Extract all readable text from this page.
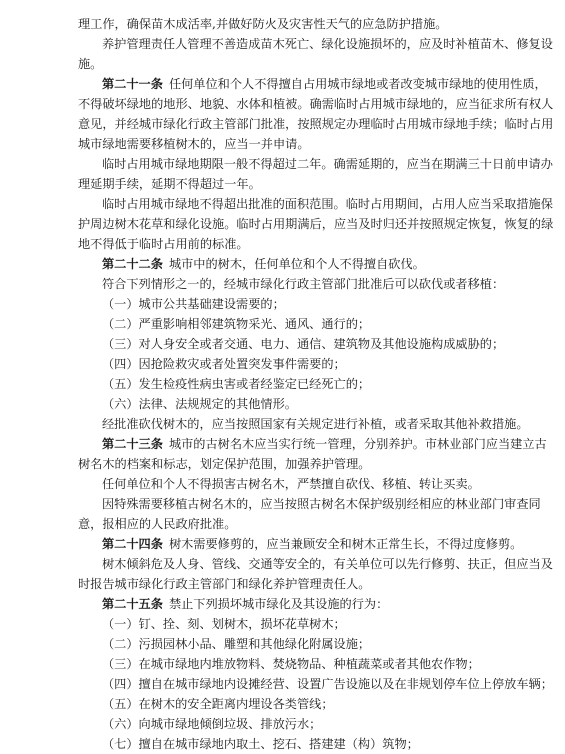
理工作，确保苗木成活率,并做好防火及灾害性天气的应急防护措施。
养护管理责任人管理不善造成苗木死亡、绿化设施损坏的，应及时补植苗木、修复设
施。
第二十一条 任何单位和个人不得擅自占用城市绿地或者改变城市绿地的使用性质，
不得破坏绿地的地形、地貌、水体和植被。确需临时占用城市绿地的，应当征求所有权人
意见，并经城市绿化行政主管部门批准，按照规定办理临时占用城市绿地手续；临时占用
城市绿地需要移植树木的，应当一并申请。
临时占用城市绿地期限一般不得超过二年。确需延期的，应当在期满三十日前申请办
理延期手续，延期不得超过一年。
临时占用城市绿地不得超出批准的面积范围。临时占用期间，占用人应当采取措施保
护周边树木花草和绿化设施。临时占用期满后，应当及时归还并按照规定恢复，恢复的绿
地不得低于临时占用前的标准。
第二十二条 城市中的树木，任何单位和个人不得擅自砍伐。
符合下列情形之一的，经城市绿化行政主管部门批准后可以砍伐或者移植：
（一）城市公共基础建设需要的；
（二）严重影响相邻建筑物采光、通风、通行的；
（三）对人身安全或者交通、电力、通信、建筑物及其他设施构成威胁的；
（四）因抢险救灾或者处置突发事件需要的；
（五）发生检疫性病虫害或者经鉴定已经死亡的；
（六）法律、法规规定的其他情形。
经批准砍伐树木的，应当按照国家有关规定进行补植，或者采取其他补救措施。
第二十三条 城市的古树名木应当实行统一管理，分别养护。市林业部门应当建立古
树名木的档案和标志，划定保护范围，加强养护管理。
任何单位和个人不得损害古树名木，严禁擅自砍伐、移植、转让买卖。
因特殊需要移植古树名木的，应当按照古树名木保护级别经相应的林业部门审查同
意，报相应的人民政府批准。
第二十四条 树木需要修剪的，应当兼顾安全和树木正常生长，不得过度修剪。
树木倾斜危及人身、管线、交通等安全的，有关单位可以先行修剪、扶正，但应当及
时报告城市绿化行政主管部门和绿化养护管理责任人。
第二十五条 禁止下列损坏城市绿化及其设施的行为：
（一）钉、拴、刻、划树木，损坏花草树木；
（二）污损园林小品、雕塑和其他绿化附属设施；
（三）在城市绿地内堆放物料、焚烧物品、种植蔬菜或者其他农作物；
（四）擅自在城市绿地内设摊经营、设置广告设施以及在非规划停车位上停放车辆；
（五）在树木的安全距离内埋设各类管线；
（六）向城市绿地倾倒垃圾、排放污水；
（七）擅自在城市绿地内取土、挖石、搭建建（构）筑物；
